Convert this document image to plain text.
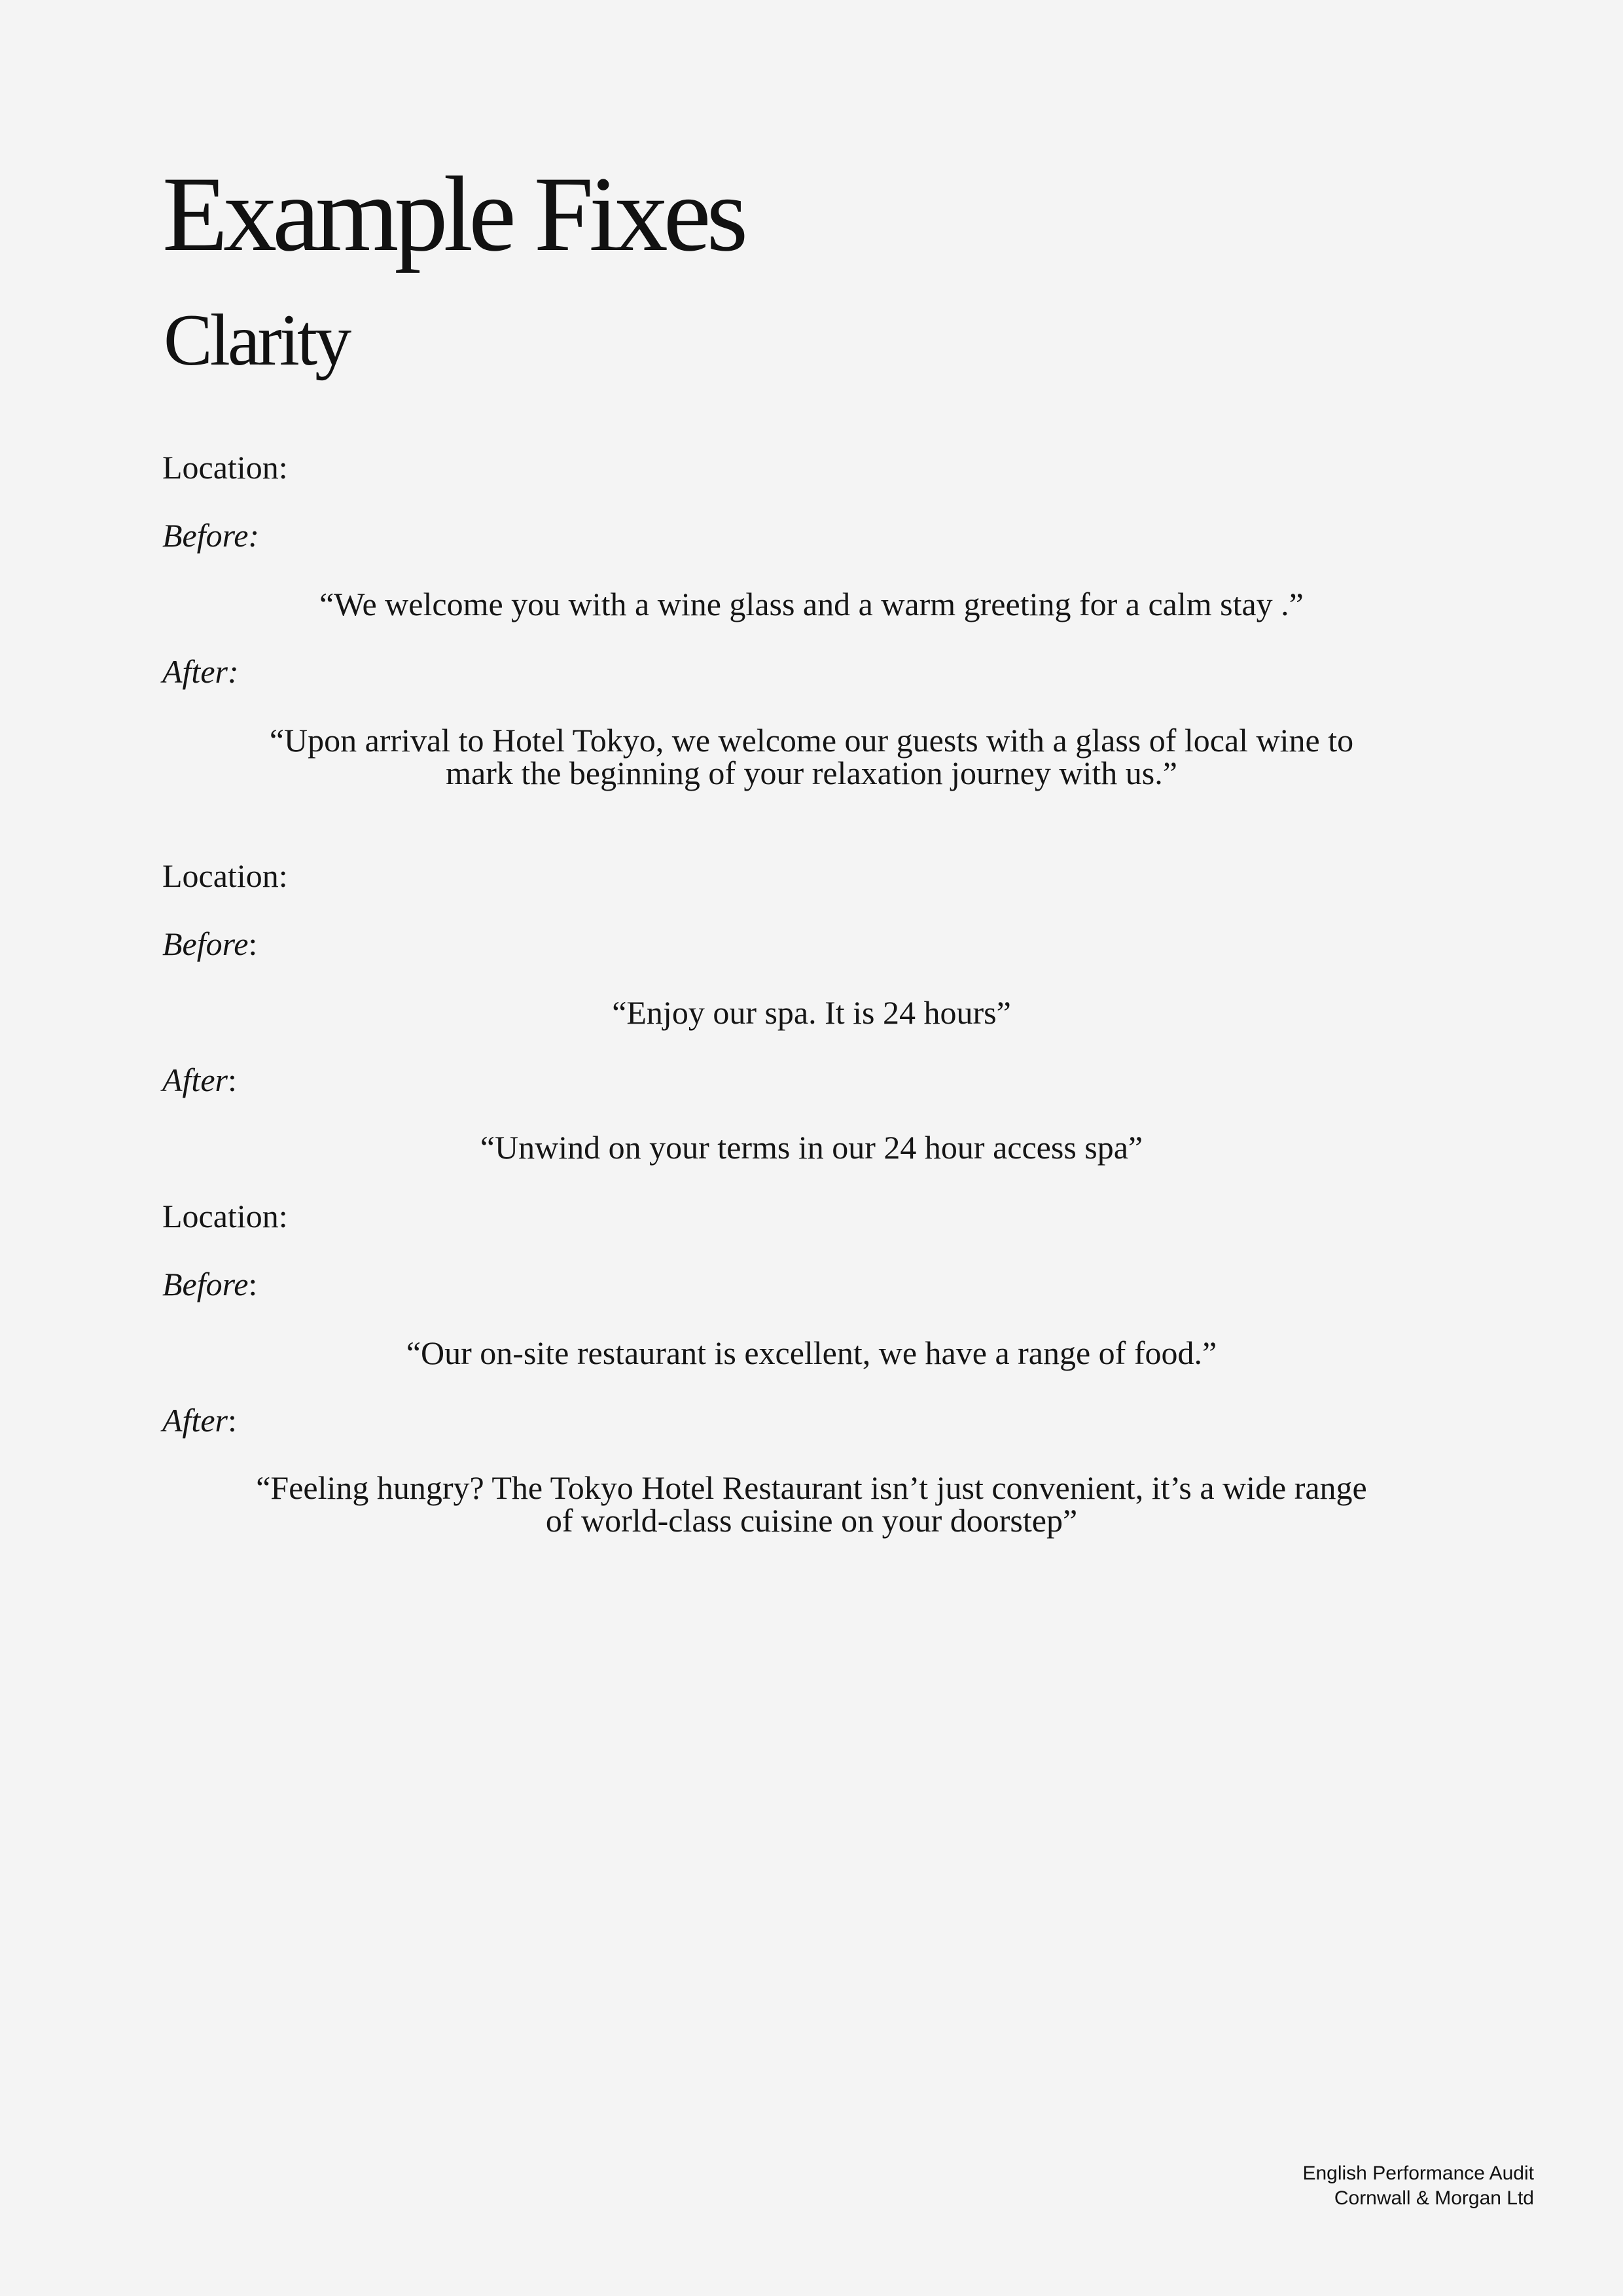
Example Fixes
Clarity

Location:

Before:

“We welcome you with a wine glass and a warm greeting for a calm stay .”

After:

“Upon arrival to Hotel Tokyo, we welcome our guests with a glass of local wine to

mark the beginning of your relaxation journey with us.”

Location:

Before:

“Enjoy our spa. It is 24 hours”

After:

“Unwind on your terms in our 24 hour access spa”

Location:

Before:

“Our on-site restaurant is excellent, we have a range of food.”

After:

“Feeling hungry? The Tokyo Hotel Restaurant isn’t just convenient, it’s a wide range

of world-class cuisine on your doorstep”

English Performance Audit
Cornwall & Morgan Ltd
